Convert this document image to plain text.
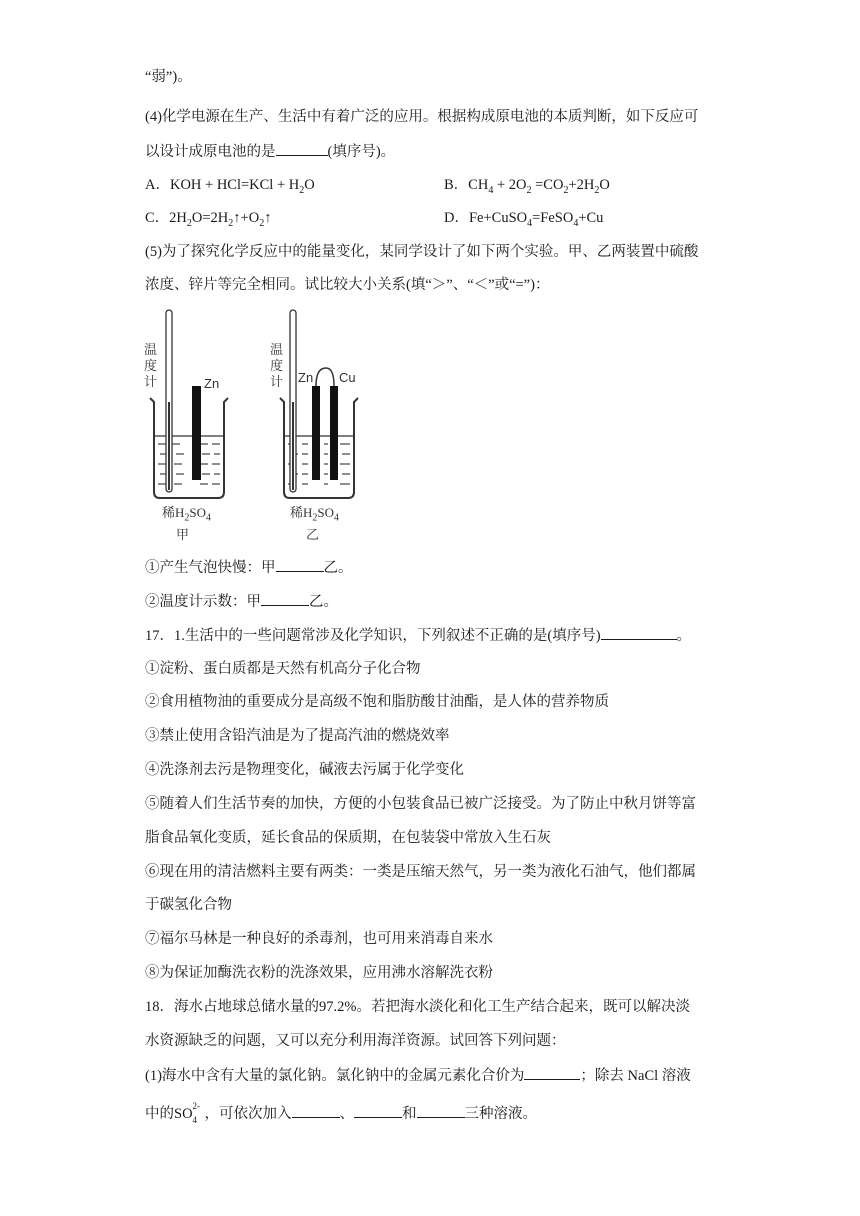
“弱”)。
(4)化学电源在生产、生活中有着广泛的应用。根据构成原电池的本质判断，如下反应可
以设计成原电池的是	(填序号)。
A．KOH + $HCl=KCl + H_2O$	B．$CH_4 + 2O_2 =CO_2+2H_2O$
C．$2H_2O=2H_2↑+O_2↑$	D．Fe+CuSO$_4$=FeSO$_4$+Cu
(5)为了探究化学反应中的能量变化，某同学设计了如下两个实验。甲、乙两装置中硫酸
浓度、锌片等完全相同。试比较大小关系(填“＞”、“＜”或“=”)：
温
度
计	Zn
稀$H_2SO_4$
甲
温
度
计 Zn Cu
稀$H_2SO_4$
乙
①产生气泡快慢：甲	乙。
②温度计示数：甲	乙。
17．1.生活中的一些问题常涉及化学知识，下列叙述不正确的是(填序号)	。
①淀粉、蛋白质都是天然有机高分子化合物
②食用植物油的重要成分是高级不饱和脂肪酸甘油酯，是人体的营养物质
③禁止使用含铅汽油是为了提高汽油的燃烧效率
④洗涤剂去污是物理变化，碱液去污属于化学变化
⑤随着人们生活节奏的加快，方便的小包装食品已被广泛接受。为了防止中秋月饼等富
脂食品氧化变质，延长食品的保质期，在包装袋中常放入生石灰
⑥现在用的清洁燃料主要有两类：一类是压缩天然气，另一类为液化石油气，他们都属
于碳氢化合物
⑦福尔马林是一种良好的杀毒剂，也可用来消毒自来水
⑧为保证加酶洗衣粉的洗涤效果，应用沸水溶解洗衣粉
18．海水占地球总储水量的97.2%。若把海水淡化和化工生产结合起来，既可以解决淡
水资源缺乏的问题，又可以充分利用海洋资源。试回答下列问题：
(1)海水中含有大量的氯化钠。氯化钠中的金属元素化合价为	；除去 NaCl 溶液
中的SO 2-
4 ，可依次加入	、	和	三种溶液。
